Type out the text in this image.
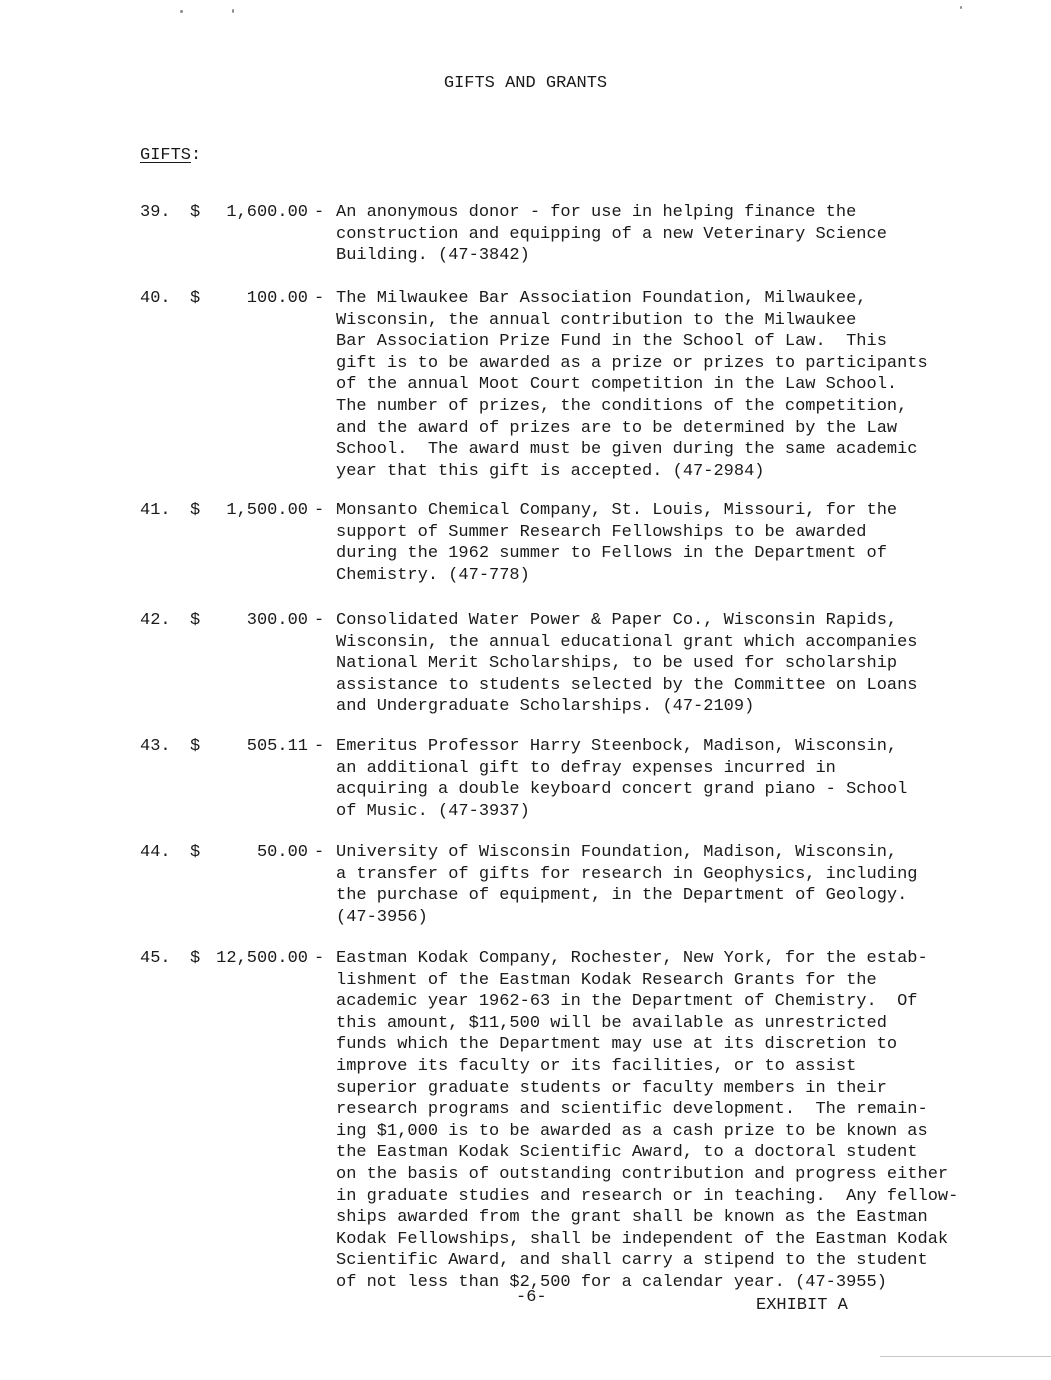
GIFTS AND GRANTS
GIFTS:
39.	$	1,600.00 - An anonymous donor - for use in helping finance the
construction and equipping of a new Veterinary Science
Building. (47-3842)
40.	$	100.00 - The Milwaukee Bar Association Foundation, Milwaukee,
Wisconsin, the annual contribution to the Milwaukee
Bar Association Prize Fund in the School of Law.  This
gift is to be awarded as a prize or prizes to participants
of the annual Moot Court competition in the Law School.
The number of prizes, the conditions of the competition,
and the award of prizes are to be determined by the Law
School.  The award must be given during the same academic
year that this gift is accepted. (47-2984)
41.	$	1,500.00 - Monsanto Chemical Company, St. Louis, Missouri, for the
support of Summer Research Fellowships to be awarded
during the 1962 summer to Fellows in the Department of
Chemistry. (47-778)
42.	$	300.00 - Consolidated Water Power & Paper Co., Wisconsin Rapids,
Wisconsin, the annual educational grant which accompanies
National Merit Scholarships, to be used for scholarship
assistance to students selected by the Committee on Loans
and Undergraduate Scholarships. (47-2109)
43.	$	505.11 - Emeritus Professor Harry Steenbock, Madison, Wisconsin,
an additional gift to defray expenses incurred in
acquiring a double keyboard concert grand piano - School
of Music. (47-3937)
44.	$	50.00 - University of Wisconsin Foundation, Madison, Wisconsin,
a transfer of gifts for research in Geophysics, including
the purchase of equipment, in the Department of Geology.
(47-3956)
45.	$ 12,500.00 - Eastman Kodak Company, Rochester, New York, for the estab-
lishment of the Eastman Kodak Research Grants for the
academic year 1962-63 in the Department of Chemistry.  Of
this amount, $11,500 will be available as unrestricted
funds which the Department may use at its discretion to
improve its faculty or its facilities, or to assist
superior graduate students or faculty members in their
research programs and scientific development.  The remain-
ing $1,000 is to be awarded as a cash prize to be known as
the Eastman Kodak Scientific Award, to a doctoral student
on the basis of outstanding contribution and progress either
in graduate studies and research or in teaching.  Any fellow-
ships awarded from the grant shall be known as the Eastman
Kodak Fellowships, shall be independent of the Eastman Kodak
Scientific Award, and shall carry a stipend to the student
of not less than $2,500 for a calendar year. (47-3955)
-6-	EXHIBIT A
